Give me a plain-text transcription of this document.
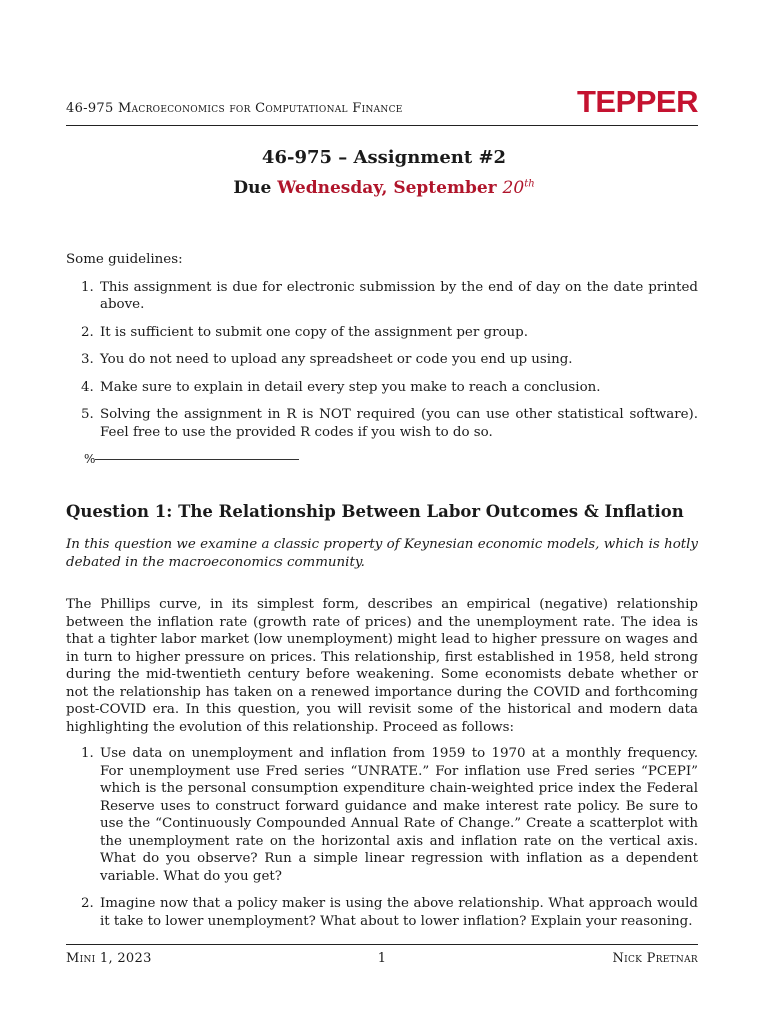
46-975 Macroeconomics for Computational Finance	TEPPER
46-975 – Assignment #2
Due Wednesday, September 20th

Some guidelines:

1. This assignment is due for electronic submission by the end of day on the date printed above.
2. It is sufficient to submit one copy of the assignment per group.
3. You do not need to upload any spreadsheet or code you end up using.
4. Make sure to explain in detail every step you make to reach a conclusion.
5. Solving the assignment in R is NOT required (you can use other statistical software). Feel free to use the provided R codes if you wish to do so.
%
Question 1: The Relationship Between Labor Outcomes & Inflation

In this question we examine a classic property of Keynesian economic models, which is hotly debated in the macroeconomics community.

The Phillips curve, in its simplest form, describes an empirical (negative) relationship between the inflation rate (growth rate of prices) and the unemployment rate. The idea is that a tighter labor market (low unemployment) might lead to higher pressure on wages and in turn to higher pressure on prices. This relationship, first established in 1958, held strong during the mid-twentieth century before weakening. Some economists debate whether or not the relationship has taken on a renewed importance during the COVID and forthcoming post-COVID era. In this question, you will revisit some of the historical and modern data highlighting the evolution of this relationship. Proceed as follows:

1. Use data on unemployment and inflation from 1959 to 1970 at a monthly frequency. For unemployment use Fred series “UNRATE.” For inflation use Fred series “PCEPI” which is the personal consumption expenditure chain-weighted price index the Federal Reserve uses to construct forward guidance and make interest rate policy. Be sure to use the “Continuously Compounded Annual Rate of Change.” Create a scatterplot with the unemployment rate on the horizontal axis and inflation rate on the vertical axis. What do you observe? Run a simple linear regression with inflation as a dependent variable. What do you get?
2. Imagine now that a policy maker is using the above relationship. What approach would it take to lower unemployment? What about to lower inflation? Explain your reasoning.
Mini 1, 2023	1	Nick Pretnar
